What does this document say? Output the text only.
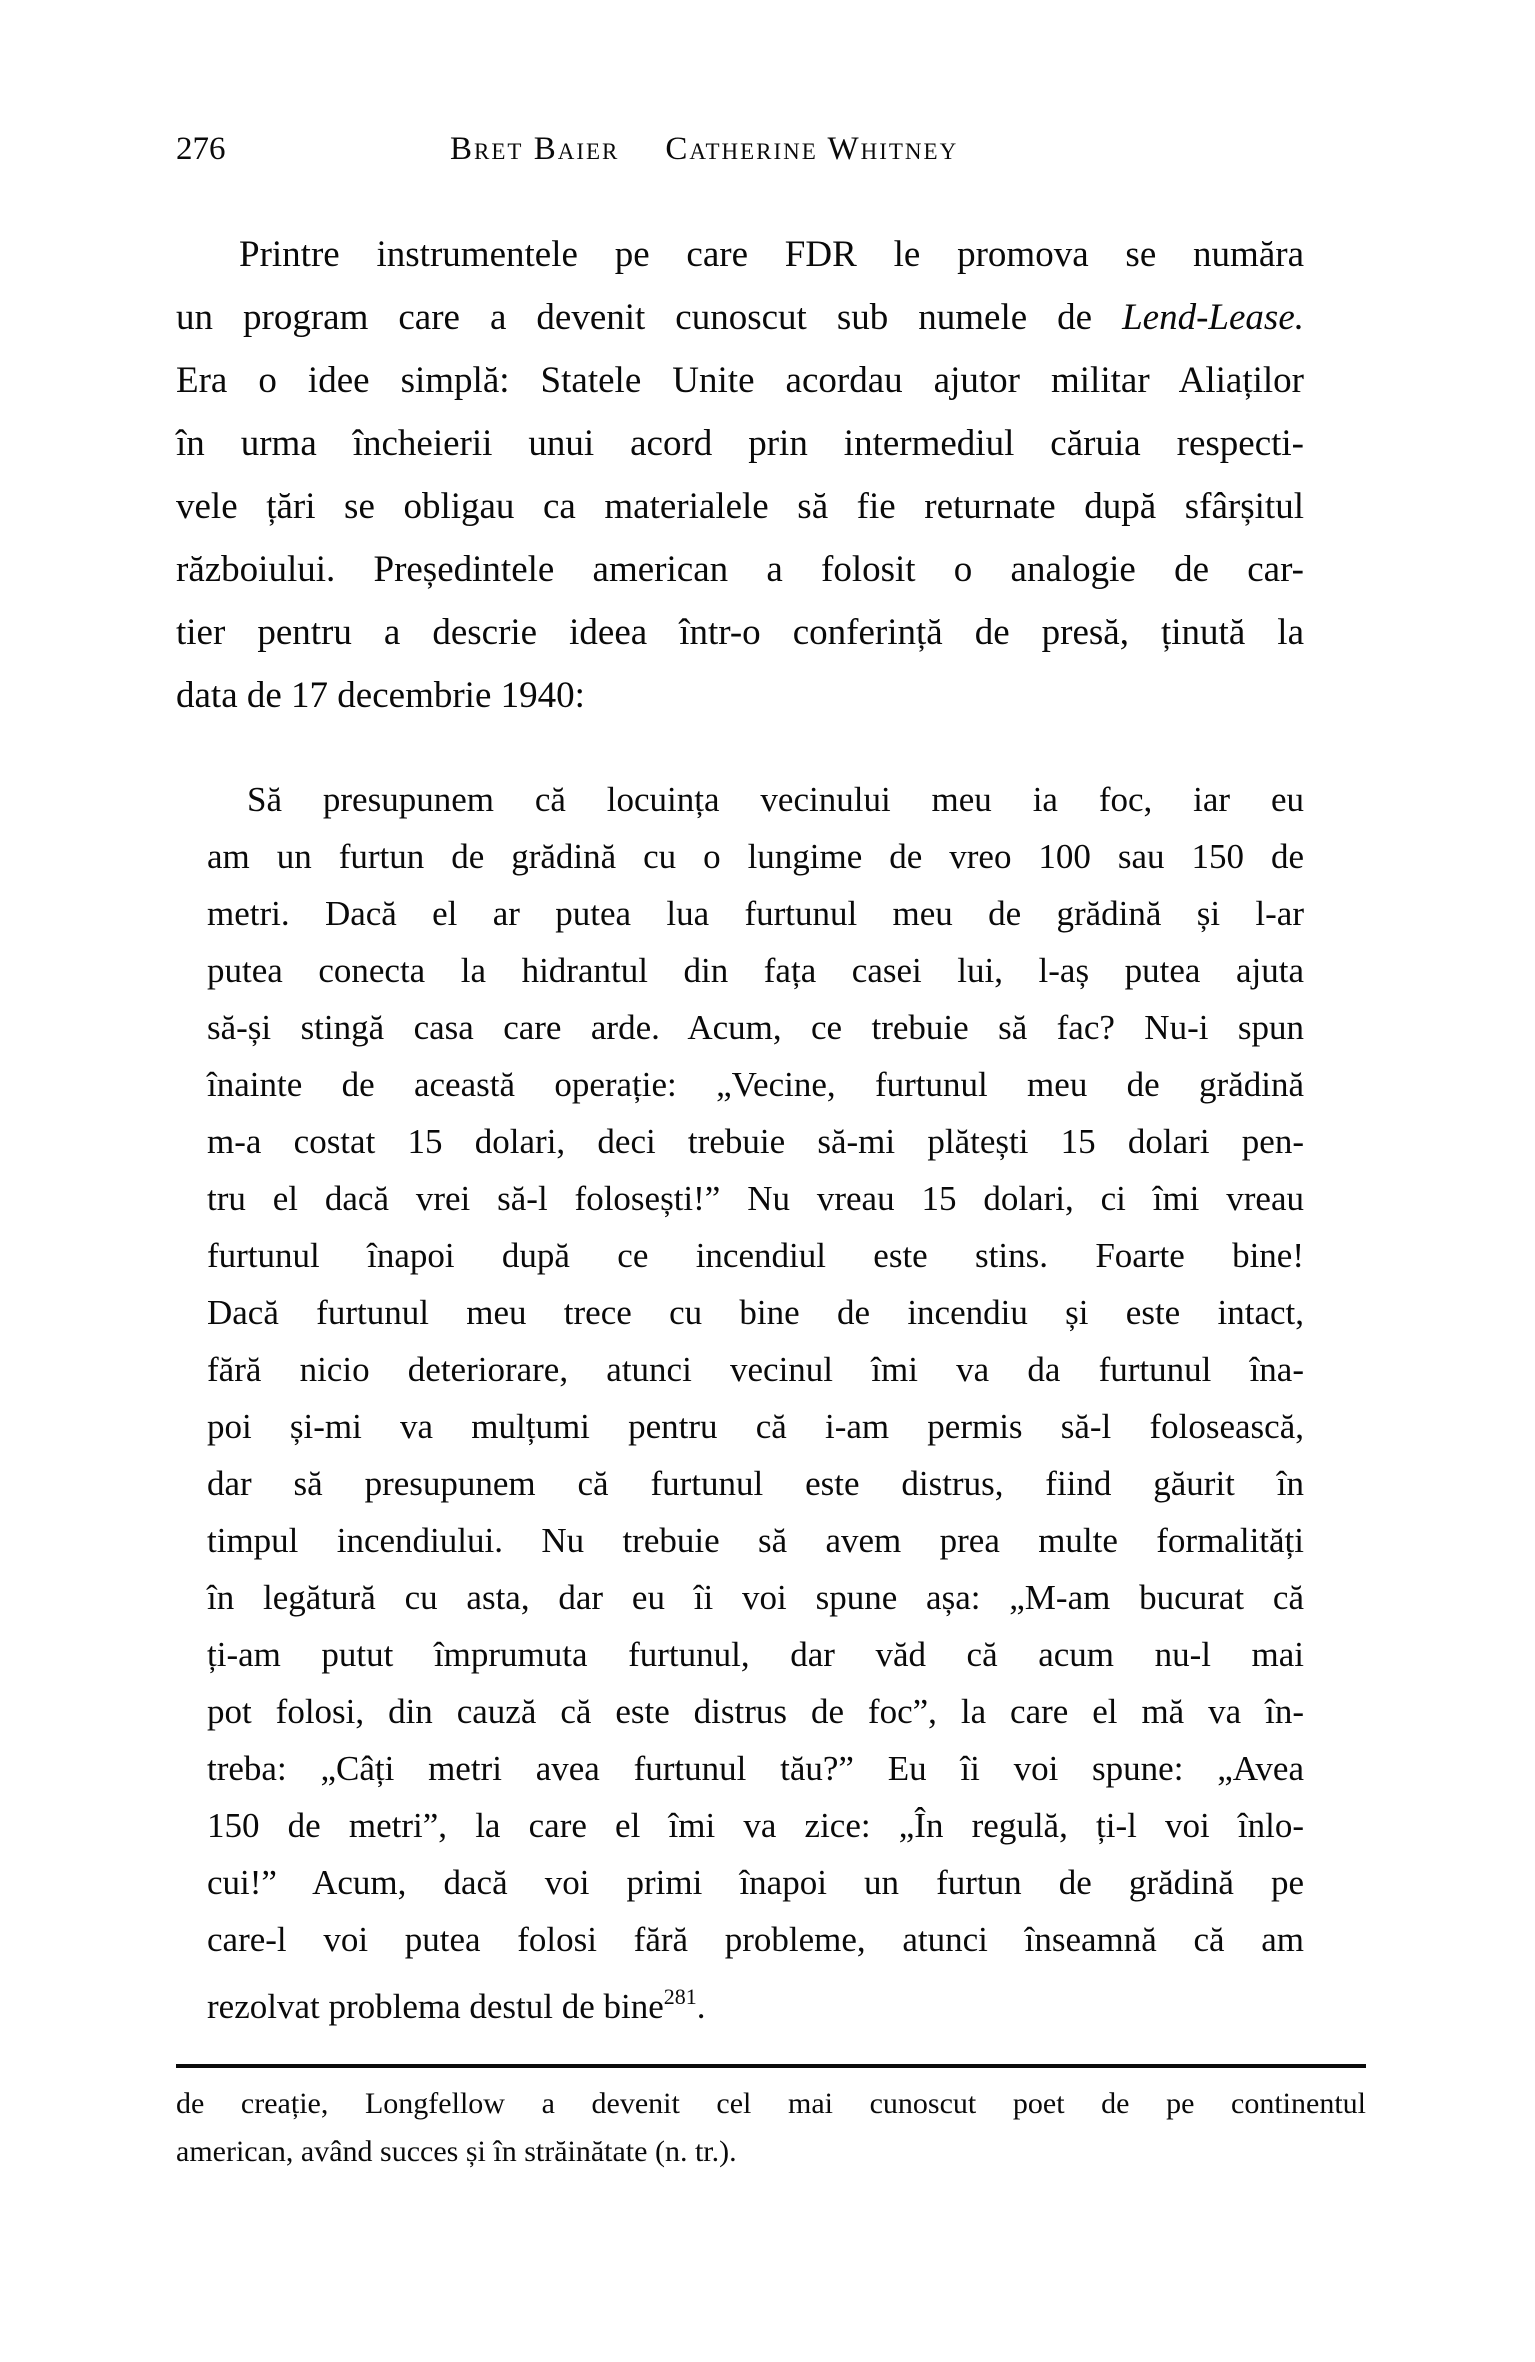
276	Bret Baier Catherine Whitney
Printre instrumentele pe care FDR le promova se număra
un program care a devenit cunoscut sub numele de Lend-Lease.
Era o idee simplă: Statele Unite acordau ajutor militar Aliaților
în urma încheierii unui acord prin intermediul căruia respecti-
vele țări se obligau ca materialele să fie returnate după sfârșitul
războiului. Președintele american a folosit o analogie de car-
tier pentru a descrie ideea într-o conferință de presă, ținută la
data de 17 decembrie 1940:
Să presupunem că locuința vecinului meu ia foc, iar eu
am un furtun de grădină cu o lungime de vreo 100 sau 150 de
metri. Dacă el ar putea lua furtunul meu de grădină și l-ar
putea conecta la hidrantul din fața casei lui, l-aș putea ajuta
să-și stingă casa care arde. Acum, ce trebuie să fac? Nu-i spun
înainte de această operație: „Vecine, furtunul meu de grădină
m-a costat 15 dolari, deci trebuie să-mi plătești 15 dolari pen-
tru el dacă vrei să-l folosești!” Nu vreau 15 dolari, ci îmi vreau
furtunul înapoi după ce incendiul este stins. Foarte bine!
Dacă furtunul meu trece cu bine de incendiu și este intact,
fără nicio deteriorare, atunci vecinul îmi va da furtunul îna-
poi și-mi va mulțumi pentru că i-am permis să-l folosească,
dar să presupunem că furtunul este distrus, fiind găurit în
timpul incendiului. Nu trebuie să avem prea multe formalități
în legătură cu asta, dar eu îi voi spune așa: „M-am bucurat că
ți-am putut împrumuta furtunul, dar văd că acum nu-l mai
pot folosi, din cauză că este distrus de foc”, la care el mă va în-
treba: „Câți metri avea furtunul tău?” Eu îi voi spune: „Avea
150 de metri”, la care el îmi va zice: „În regulă, ți-l voi înlo-
cui!” Acum, dacă voi primi înapoi un furtun de grădină pe
care-l voi putea folosi fără probleme, atunci înseamnă că am
rezolvat problema destul de bine$^{281}$.
de creație, Longfellow a devenit cel mai cunoscut poet de pe continentul
american, având succes și în străinătate (n. tr.).
